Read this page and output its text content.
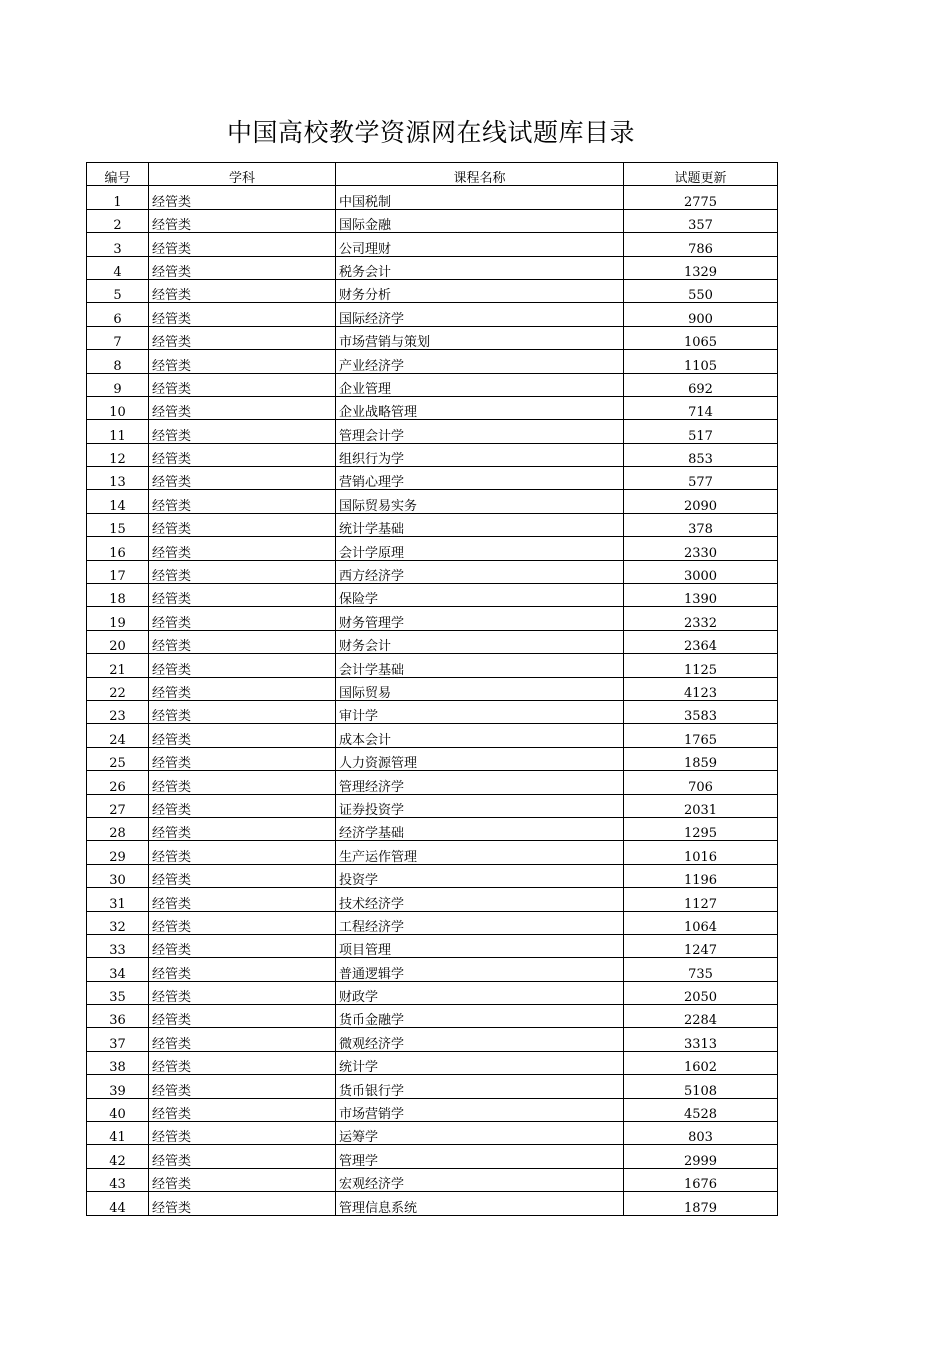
中国高校教学资源网在线试题库目录
编号	学科	课程名称	试题更新
1	经管类	中国税制	2775
2	经管类	国际金融	357
3	经管类	公司理财	786
4	经管类	税务会计	1329
5	经管类	财务分析	550
6	经管类	国际经济学	900
7	经管类	市场营销与策划	1065
8	经管类	产业经济学	1105
9	经管类	企业管理	692
10	经管类	企业战略管理	714
11	经管类	管理会计学	517
12	经管类	组织行为学	853
13	经管类	营销心理学	577
14	经管类	国际贸易实务	2090
15	经管类	统计学基础	378
16	经管类	会计学原理	2330
17	经管类	西方经济学	3000
18	经管类	保险学	1390
19	经管类	财务管理学	2332
20	经管类	财务会计	2364
21	经管类	会计学基础	1125
22	经管类	国际贸易	4123
23	经管类	审计学	3583
24	经管类	成本会计	1765
25	经管类	人力资源管理	1859
26	经管类	管理经济学	706
27	经管类	证券投资学	2031
28	经管类	经济学基础	1295
29	经管类	生产运作管理	1016
30	经管类	投资学	1196
31	经管类	技术经济学	1127
32	经管类	工程经济学	1064
33	经管类	项目管理	1247
34	经管类	普通逻辑学	735
35	经管类	财政学	2050
36	经管类	货币金融学	2284
37	经管类	微观经济学	3313
38	经管类	统计学	1602
39	经管类	货币银行学	5108
40	经管类	市场营销学	4528
41	经管类	运筹学	803
42	经管类	管理学	2999
43	经管类	宏观经济学	1676
44	经管类	管理信息系统	1879
